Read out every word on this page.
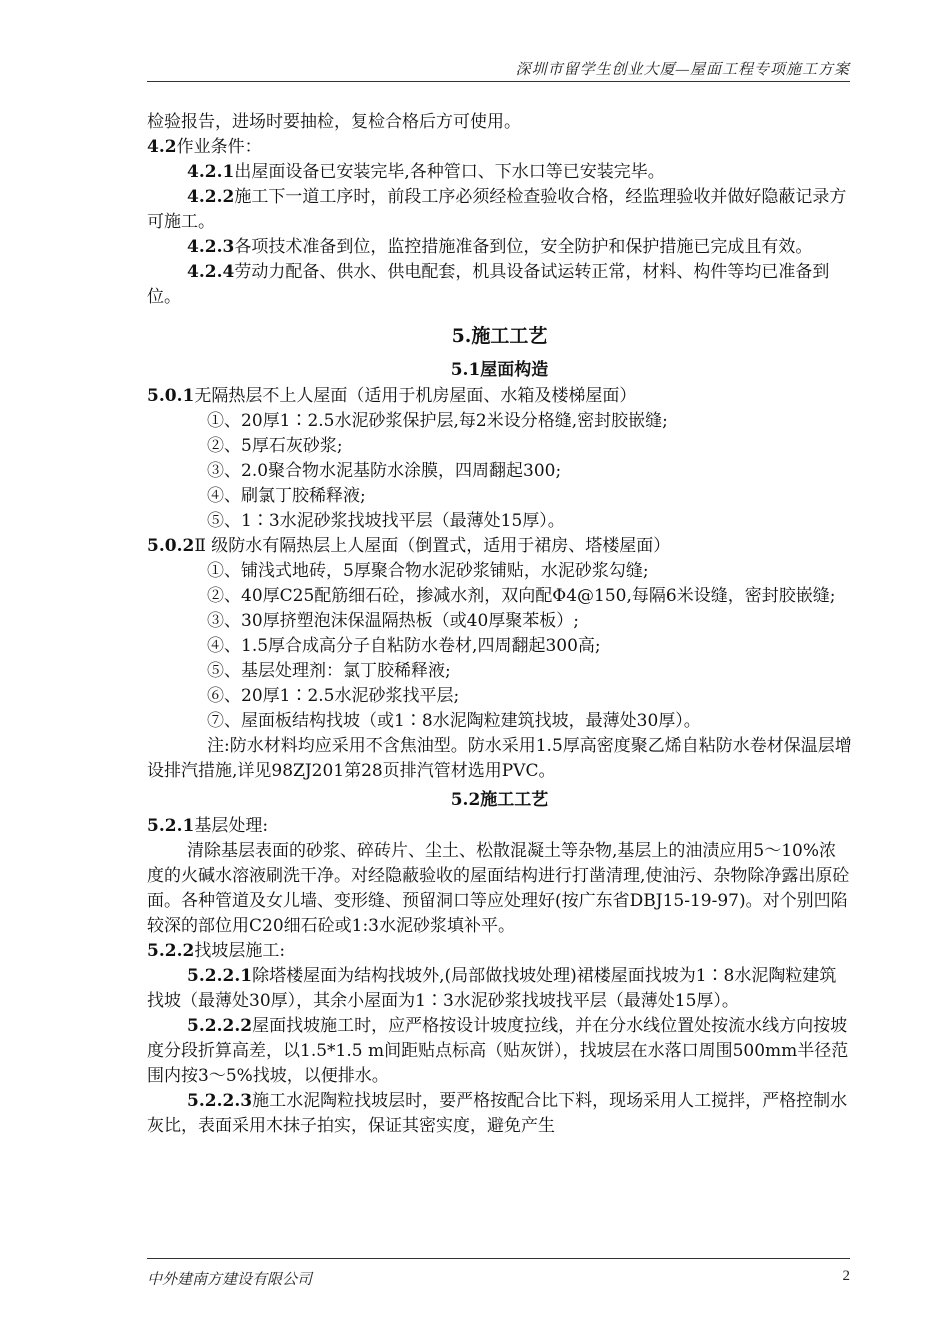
深圳市留学生创业大厦—屋面工程专项施工方案

检验报告，进场时要抽检，复检合格后方可使用。

4.2作业条件：

4.2.1出屋面设备已安装完毕,各种管口、下水口等已安装完毕。

4.2.2施工下一道工序时，前段工序必须经检查验收合格，经监理验收并做好隐蔽记录方可施工。

4.2.3各项技术准备到位，监控措施准备到位，安全防护和保护措施已完成且有效。

4.2.4劳动力配备、供水、供电配套，机具设备试运转正常，材料、构件等均已准备到位。

5.施工工艺
5.1屋面构造

5.0.1无隔热层不上人屋面（适用于机房屋面、水箱及楼梯屋面）

①、20厚1∶2.5水泥砂浆保护层,每2米设分格缝,密封胶嵌缝;

②、5厚石灰砂浆;

③、2.0聚合物水泥基防水涂膜，四周翻起300;

④、刷氯丁胶稀释液;

⑤、1∶3水泥砂浆找坡找平层（最薄处15厚）。

5.0.2Ⅱ 级防水有隔热层上人屋面（倒置式，适用于裙房、塔楼屋面）

①、铺浅式地砖，5厚聚合物水泥砂浆铺贴，水泥砂浆勾缝;

②、40厚C25配筋细石砼，掺减水剂，双向配Φ4@150,每隔6米设缝，密封胶嵌缝;

③、30厚挤塑泡沫保温隔热板（或40厚聚苯板）;

④、1.5厚合成高分子自粘防水卷材,四周翻起300高;

⑤、基层处理剂：氯丁胶稀释液;

⑥、20厚1∶2.5水泥砂浆找平层;

⑦、屋面板结构找坡（或1∶8水泥陶粒建筑找坡，最薄处30厚）。

注:防水材料均应采用不含焦油型。防水采用1.5厚高密度聚乙烯自粘防水卷材保温层增设排汽措施,详见98ZJ201第28页排汽管材选用PVC。

5.2施工工艺

5.2.1基层处理:

清除基层表面的砂浆、碎砖片、尘土、松散混凝土等杂物,基层上的油渍应用5～10%浓度的火碱水溶液刷洗干净。对经隐蔽验收的屋面结构进行打凿清理,使油污、杂物除净露出原砼面。各种管道及女儿墙、变形缝、预留洞口等应处理好(按广东省DBJ15-19-97)。对个别凹陷较深的部位用C20细石砼或1:3水泥砂浆填补平。

5.2.2找坡层施工:

5.2.2.1除塔楼屋面为结构找坡外,(局部做找坡处理)裙楼屋面找坡为1∶8水泥陶粒建筑找坡（最薄处30厚），其余小屋面为1∶3水泥砂浆找坡找平层（最薄处15厚）。

5.2.2.2屋面找坡施工时，应严格按设计坡度拉线，并在分水线位置处按流水线方向按坡度分段折算高差，以1.5*1.5 m间距贴点标高（贴灰饼），找坡层在水落口周围500mm半径范围内按3～5%找坡，以便排水。

5.2.2.3施工水泥陶粒找坡层时，要严格按配合比下料，现场采用人工搅拌，严格控制水灰比，表面采用木抹子拍实，保证其密实度，避免产生

中外建南方建设有限公司	2
